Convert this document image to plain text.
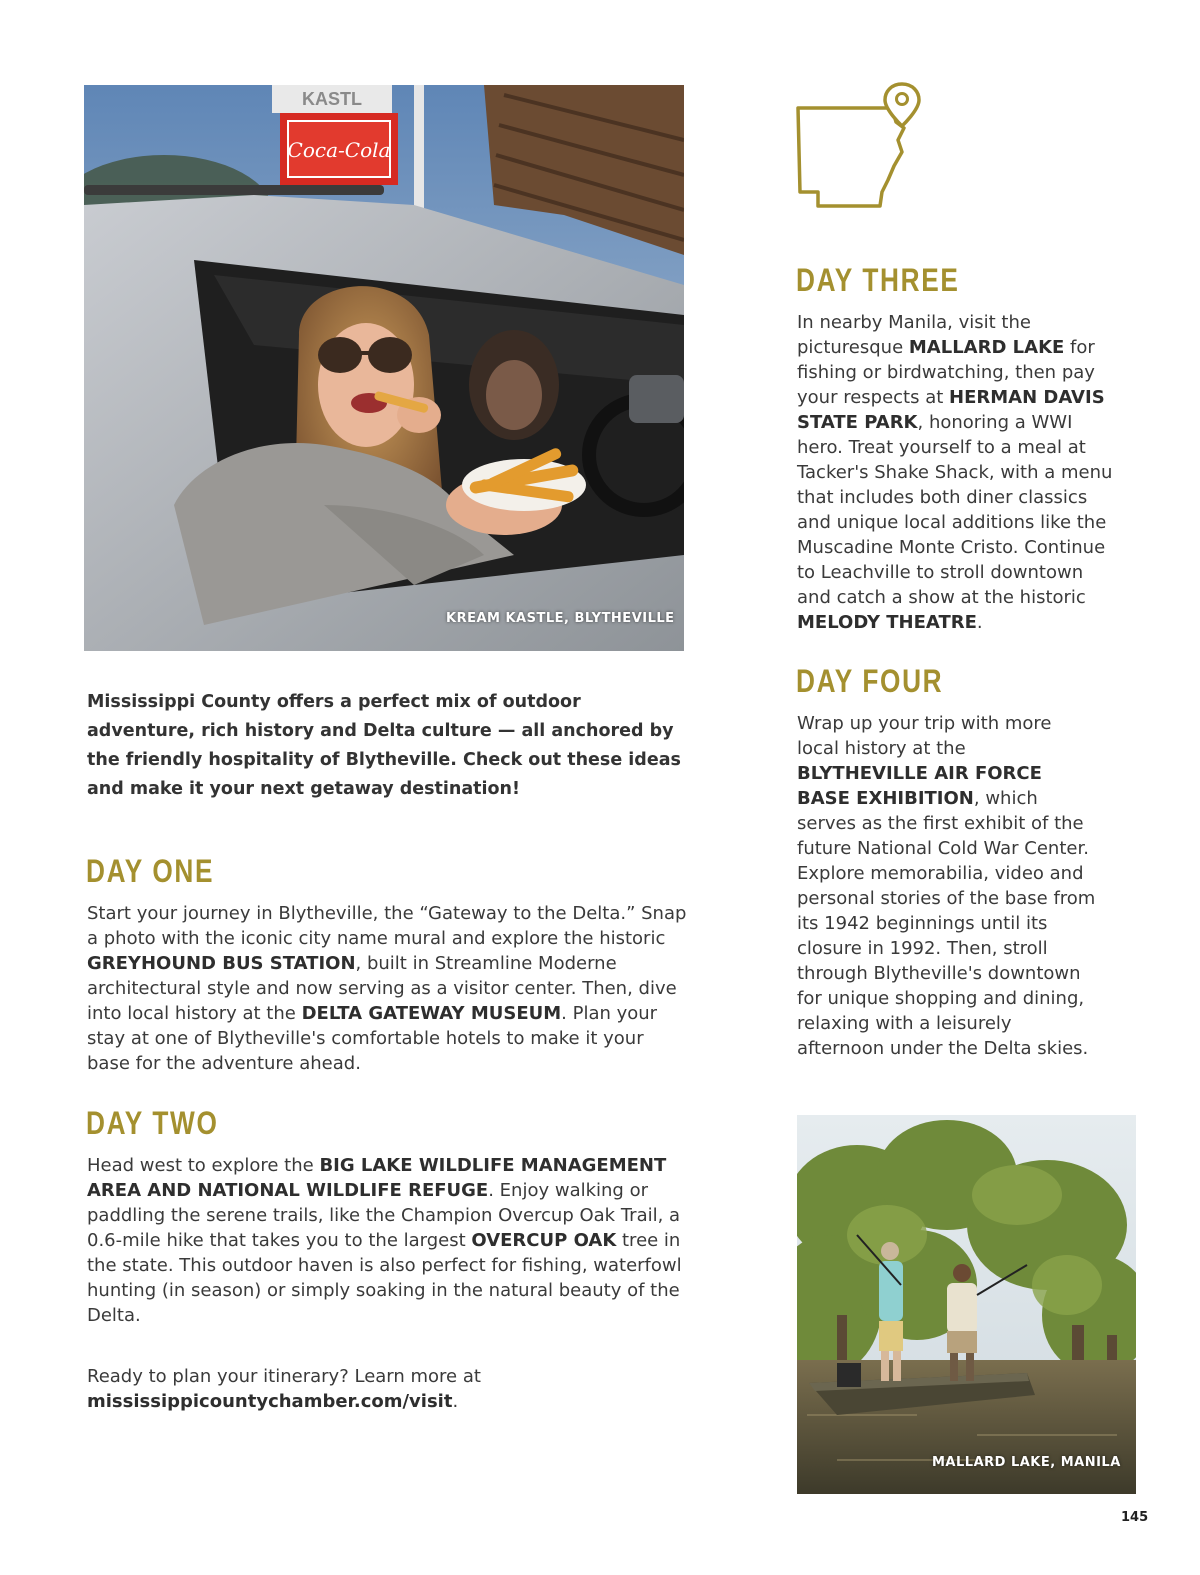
KASTL
Coca-Cola
KREAM KASTLE, BLYTHEVILLE

Mississippi County offers a perfect mix of outdoor adventure, rich history and Delta culture — all anchored by the friendly hospitality of Blytheville. Check out these ideas and make it your next getaway destination!

DAY ONE

Start your journey in Blytheville, the “Gateway to the Delta.” Snap a photo with the iconic city name mural and explore the historic GREYHOUND BUS STATION, built in Streamline Moderne architectural style and now serving as a visitor center. Then, dive into local history at the DELTA GATEWAY MUSEUM. Plan your stay at one of Blytheville's comfortable hotels to make it your base for the adventure ahead.

DAY TWO

Head west to explore the BIG LAKE WILDLIFE MANAGEMENT AREA AND NATIONAL WILDLIFE REFUGE. Enjoy walking or paddling the serene trails, like the Champion Overcup Oak Trail, a 0.6-mile hike that takes you to the largest OVERCUP OAK tree in the state. This outdoor haven is also perfect for fishing, waterfowl hunting (in season) or simply soaking in the natural beauty of the Delta.

Ready to plan your itinerary? Learn more at
mississippicountychamber.com/visit.

DAY THREE

In nearby Manila, visit the picturesque MALLARD LAKE for fishing or birdwatching, then pay your respects at HERMAN DAVIS STATE PARK, honoring a WWI hero. Treat yourself to a meal at Tacker's Shake Shack, with a menu that includes both diner classics and unique local additions like the Muscadine Monte Cristo. Continue to Leachville to stroll downtown and catch a show at the historic MELODY THEATRE.

DAY FOUR

Wrap up your trip with more local history at the BLYTHEVILLE AIR FORCE BASE EXHIBITION, which serves as the first exhibit of the future National Cold War Center. Explore memorabilia, video and personal stories of the base from its 1942 beginnings until its closure in 1992. Then, stroll through Blytheville's downtown for unique shopping and dining, relaxing with a leisurely afternoon under the Delta skies.

MALLARD LAKE, MANILA
145
